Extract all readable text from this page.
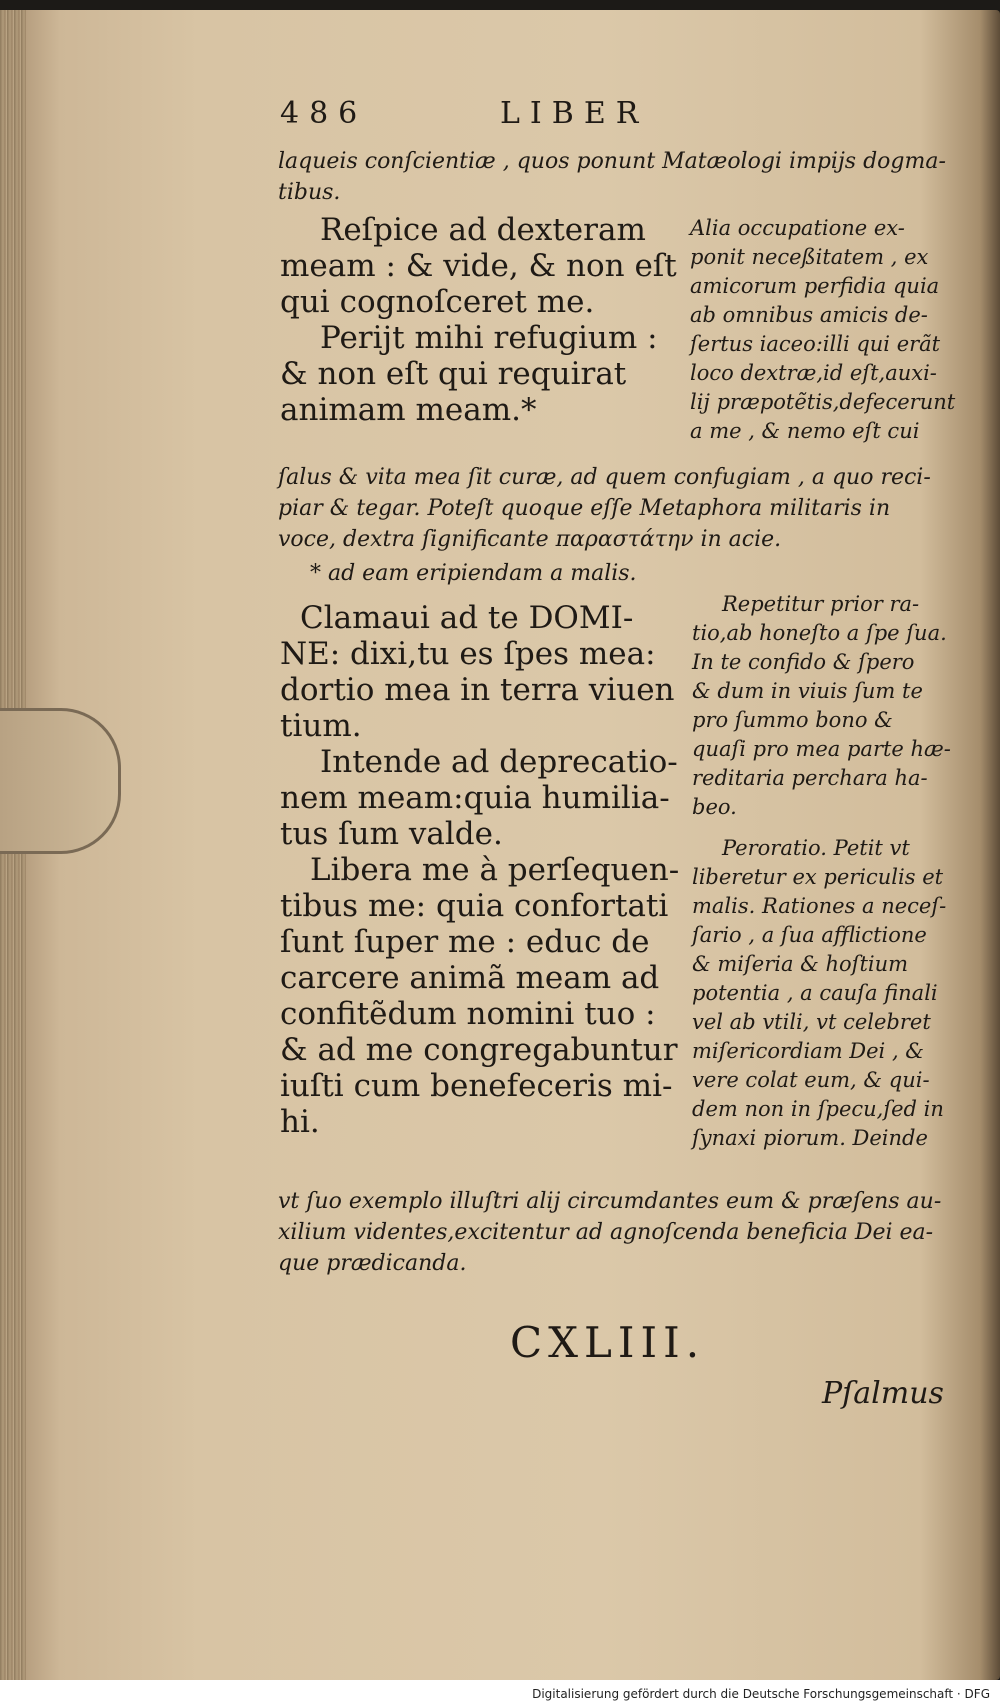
486	LIBER
laqueis conſcientiæ , quos ponunt Matæologi impijs dogma-
tibus.
Reſpice ad dexteram
meam : & vide, & non eſt
qui cognoſceret me.
Perijt mihi refugium :
& non eſt qui requirat
animam meam.*
Alia occupatione ex-
ponit neceßitatem , ex
amicorum perfidia quia
ab omnibus amicis de-
ſertus iaceo:illi qui erãt
loco dextræ,id eſt,auxi-
lij præpotẽtis,defecerunt
a me , & nemo eſt cui
ſalus & vita mea ſit curæ, ad quem confugiam , a quo reci-
piar & tegar. Poteſt quoque eſſe Metaphora militaris in
voce, dextra ſignificante παραστάτην in acie.
* ad eam eripiendam a malis.
Clamaui ad te DOMI-
NE: dixi,tu es ſpes mea:
dortio mea in terra viuen
tium.
Intende ad deprecatio-
nem meam:quia humilia-
tus ſum valde.
Libera me à perſequen-
tibus me: quia confortati
ſunt ſuper me : educ de
carcere animã meam ad
confitẽdum nomini tuo :
& ad me congregabuntur
iuſti cum benefeceris mi-
hi.
Repetitur prior ra-
tio,ab honeſto a ſpe ſua.
In te confido & ſpero
& dum in viuis ſum te
pro ſummo bono &
quaſi pro mea parte hæ-
reditaria perchara ha-
beo.
Peroratio. Petit vt
liberetur ex periculis et
malis. Rationes a neceſ-
ſario , a ſua afflictione
& miſeria & hoſtium
potentia , a cauſa finali
vel ab vtili, vt celebret
miſericordiam Dei , &
vere colat eum, & qui-
dem non in ſpecu,ſed in
ſynaxi piorum. Deinde
vt ſuo exemplo illuſtri alij circumdantes eum & præſens au-
xilium videntes,excitentur ad agnoſcenda beneficia Dei ea-
que prædicanda.
CXLIII.
Pſalmus
Digitalisierung gefördert durch die Deutsche Forschungsgemeinschaft · DFG
